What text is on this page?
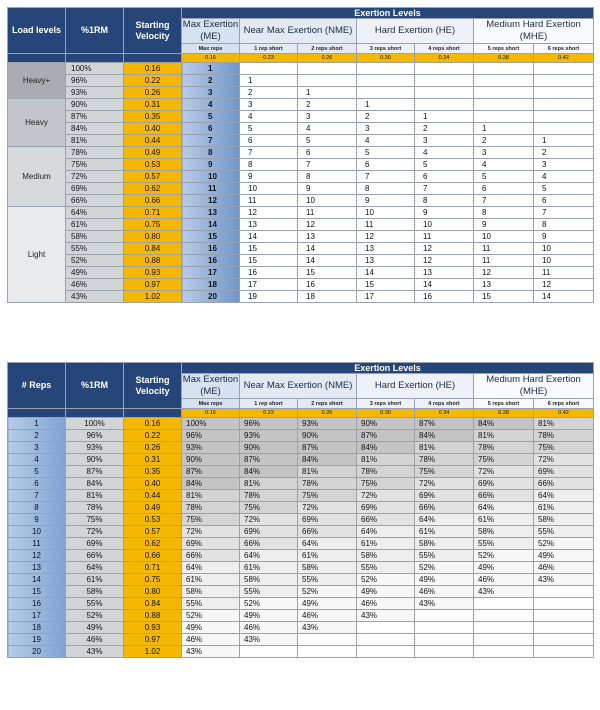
Load levels	%1RM	Starting Velocity	Exertion Levels						
			Max Exertion (ME)	Near Max Exertion (NME)		Hard Exertion (HE)		Medium Hard Exertion (MHE)	
			Max reps	1 rep short	2 reps short	3 reps short	4 reps short	5 reps short	6 reps short
			0.16	0.23	0.26	0.30	0.34	0.38	0.42
Heavy+	100%	0.16	1						
	96%	0.22	2	1					
	93%	0.26	3	2	1				
Heavy	90%	0.31	4	3	2	1			
	87%	0.35	5	4	3	2	1		
	84%	0.40	6	5	4	3	2	1	
	81%	0.44	7	6	5	4	3	2	1
Medium	78%	0.49	8	7	6	5	4	3	2
	75%	0.53	9	8	7	6	5	4	3
	72%	0.57	10	9	8	7	6	5	4
	69%	0.62	11	10	9	8	7	6	5
	66%	0.66	12	11	10	9	8	7	6
Light	64%	0.71	13	12	11	10	9	8	7
	61%	0.75	14	13	12	11	10	9	8
	58%	0.80	15	14	13	12	11	10	9
	55%	0.84	16	15	14	13	12	11	10
	52%	0.88	16	15	14	13	12	11	10
	49%	0.93	17	16	15	14	13	12	11
	46%	0.97	18	17	16	15	14	13	12
	43%	1.02	20	19	18	17	16	15	14
# Reps	%1RM	Starting Velocity	Exertion Levels						
			Max Exertion (ME)	Near Max Exertion (NME)		Hard Exertion (HE)		Medium Hard Exertion (MHE)	
			Max reps	1 rep short	2 reps short	3 reps short	4 reps short	5 reps short	6 reps short
			0.16	0.23	0.26	0.30	0.34	0.38	0.42
1	100%	0.16	100%	96%	93%	90%	87%	84%	81%
2	96%	0.22	96%	93%	90%	87%	84%	81%	78%
3	93%	0.26	93%	90%	87%	84%	81%	78%	75%
4	90%	0.31	90%	87%	84%	81%	78%	75%	72%
5	87%	0.35	87%	84%	81%	78%	75%	72%	69%
6	84%	0.40	84%	81%	78%	75%	72%	69%	66%
7	81%	0.44	81%	78%	75%	72%	69%	66%	64%
8	78%	0.49	78%	75%	72%	69%	66%	64%	61%
9	75%	0.53	75%	72%	69%	66%	64%	61%	58%
10	72%	0.57	72%	69%	66%	64%	61%	58%	55%
11	69%	0.62	69%	66%	64%	61%	58%	55%	52%
12	66%	0.66	66%	64%	61%	58%	55%	52%	49%
13	64%	0.71	64%	61%	58%	55%	52%	49%	46%
14	61%	0.75	61%	58%	55%	52%	49%	46%	43%
15	58%	0.80	58%	55%	52%	49%	46%	43%	
16	55%	0.84	55%	52%	49%	46%	43%		
17	52%	0.88	52%	49%	46%	43%			
18	49%	0.93	49%	46%	43%				
19	46%	0.97	46%	43%					
20	43%	1.02	43%						
